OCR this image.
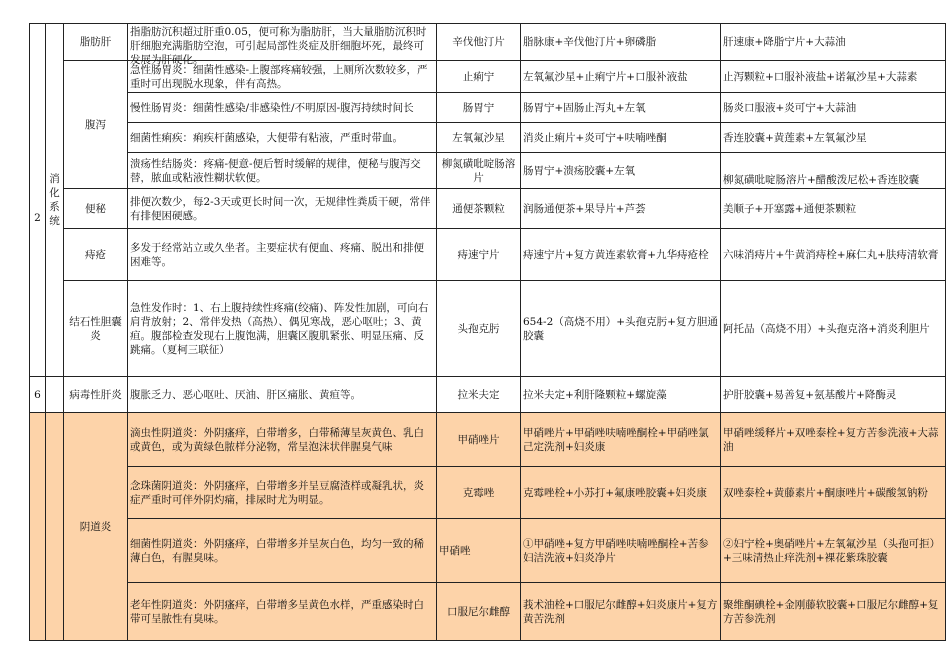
2	消化系统	脂肪肝	指脂肪沉积超过肝重0.05，便可称为脂肪肝，当大量脂肪沉积时肝细胞充满脂肪空泡，可引起局部性炎症及肝细胞坏死，最终可发展为肝硬化。	辛伐他汀片	脂脉康+辛伐他汀片+卵磷脂	肝速康+降脂宁片+大蒜油
		腹泻	急性肠胃炎：细菌性感染-上腹部疼痛较强，上厕所次数较多，严重时可出现脱水现象，伴有高热。	止痢宁	左氧氟沙星+止痢宁片+口服补液盐	止泻颗粒+口服补液盐+诺氟沙星+大蒜素
			慢性肠胃炎：细菌性感染/非感染性/不明原因-腹泻持续时间长	肠胃宁	肠胃宁+固肠止泻丸+左氧	肠炎口服液+炎可宁+大蒜油
			细菌性痢疾：痢疾杆菌感染，大便带有粘液，严重时带血。	左氧氟沙星	消炎止痢片+炎可宁+呋喃唑酮	香连胶囊+黄莲素+左氧氟沙星
			溃疡性结肠炎：疼痛-便意-便后暂时缓解的规律，便秘与腹泻交替，脓血或粘液性糊状软便。	柳氮磺吡啶肠溶片	肠胃宁+溃疡胶囊+左氧	柳氮磺吡啶肠溶片+醋酸泼尼松+香连胶囊
		便秘	排便次数少，每2-3天或更长时间一次，无规律性粪质干硬，常伴有排便困硬感。	通便茶颗粒	润肠通便茶+果导片+芦荟	美顺子+开塞露+通便茶颗粒
		痔疮	多发于经常站立或久坐者。主要症状有便血、疼痛、脱出和排便困难等。	痔速宁片	痔速宁片+复方黄连素软膏+九华痔疮栓	六味消痔片+牛黄消痔栓+麻仁丸+肤痔清软膏
		结石性胆囊炎	急性发作时：1、右上腹持续性疼痛(绞痛)、阵发性加剧，可向右肩背放射；2、常伴发热（高热）、偶见寒战，恶心呕吐；3、黄疸。腹部检查发现右上腹饱满，胆囊区腹肌紧张、明显压痛、反跳痛。（夏柯三联征）	头孢克肟	654-2（高烧不用）+头孢克肟+复方胆通胶囊	阿托品（高烧不用）+头孢克洛+消炎利胆片
6		病毒性肝炎	腹胀乏力、恶心呕吐、厌油、肝区痛胀、黄疸等。	拉米夫定	拉米夫定+利肝隆颗粒+螺旋藻	护肝胶囊+易善复+氨基酸片+降酶灵
		阴道炎	滴虫性阴道炎：外阴瘙痒，白带增多，白带稀薄呈灰黄色、乳白或黄色，或为黄绿色脓样分泌物，常呈泡沫状伴腥臭气味	甲硝唑片	甲硝唑片+甲硝唑呋喃唑酮栓+甲硝唑氯己定洗剂+妇炎康	甲硝唑缓释片+双唑泰栓+复方苦参洗液+大蒜油
			念珠菌阴道炎：外阴瘙痒，白带增多并呈豆腐渣样或凝乳状，炎症严重时可伴外阴灼痛，排尿时尤为明显。	克霉唑	克霉唑栓+小苏打+氟康唑胶囊+妇炎康	双唑泰栓+黄藤素片+酮康唑片+碳酸氢钠粉
			细菌性阴道炎：外阴瘙痒，白带增多并呈灰白色，均匀一致的稀薄白色，有腥臭味。	甲硝唑	①甲硝唑+复方甲硝唑呋喃唑酮栓+苦参妇洁洗液+妇炎净片	②妇宁栓+奥硝唑片+左氧氟沙星（头孢可拒）+三味清热止痒洗剂+裸花紫珠胶囊
			老年性阴道炎：外阴瘙痒，白带增多呈黄色水样，严重感染时白带可呈脓性有臭味。	口服尼尔雌醇	莪术油栓+口服尼尔雌醇+妇炎康片+复方黄苦洗剂	聚维酮碘栓+金刚藤软胶囊+口服尼尔雌醇+复方苦参洗剂
